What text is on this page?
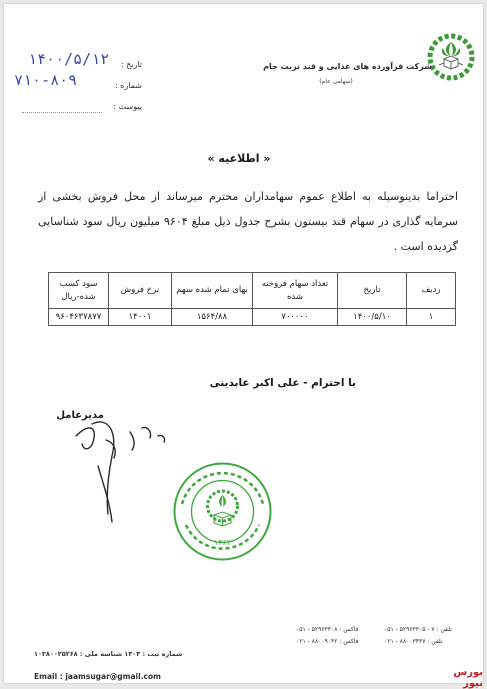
شرکت فرآورده های غذایی و قند تربت جام
(سهامی عام)
تاریخ :
شماره :
پیوست :
۱۴۰۰/۵/۱۲
۷۱۰-۸۰۹
« اطلاعیه »
احتراما بدینوسیله به اطلاع عموم سهامداران محترم میرساند از محل فروش بخشی از سرمایه گذاری در سهام قند بیستون بشرح جدول ذیل مبلغ ۹۶۰۴ میلیون ریال سود شناسایی گردیده است .
ردیف	تاریخ	تعداد سهام فروخته شده	بهای تمام شده سهم	نرخ فروش	سود کسب شده-ریال
۱	۱۴۰۰/۵/۱۰	۷۰۰۰۰۰	۱۵۶۴/۸۸	۱۴۰۰۱	۹۶۰۴۶۳۷۸۷۷
با احترام - علی اکبر عابدینی
مدیرعامل
۱۳۶۲
تلفن : ۷ - ۵۲۹۶۳۳۰۵ - ۰۵۱
فاکس : ۵۲۹۶۳۳۰۸ - ۰۵۱
تلفن : ۸۸۰۰۳۴۳۷ - ۰۲۱
فاکس : ۸۸۰۰۹۰۴۲ - ۰۲۱
شماره ثبت : ۱۳۰۳ شناسه ملی : ۱۰۳۸۰۰۲۵۲۶۸
Email : jaamsugar@gmail.com	بورس نیوز
